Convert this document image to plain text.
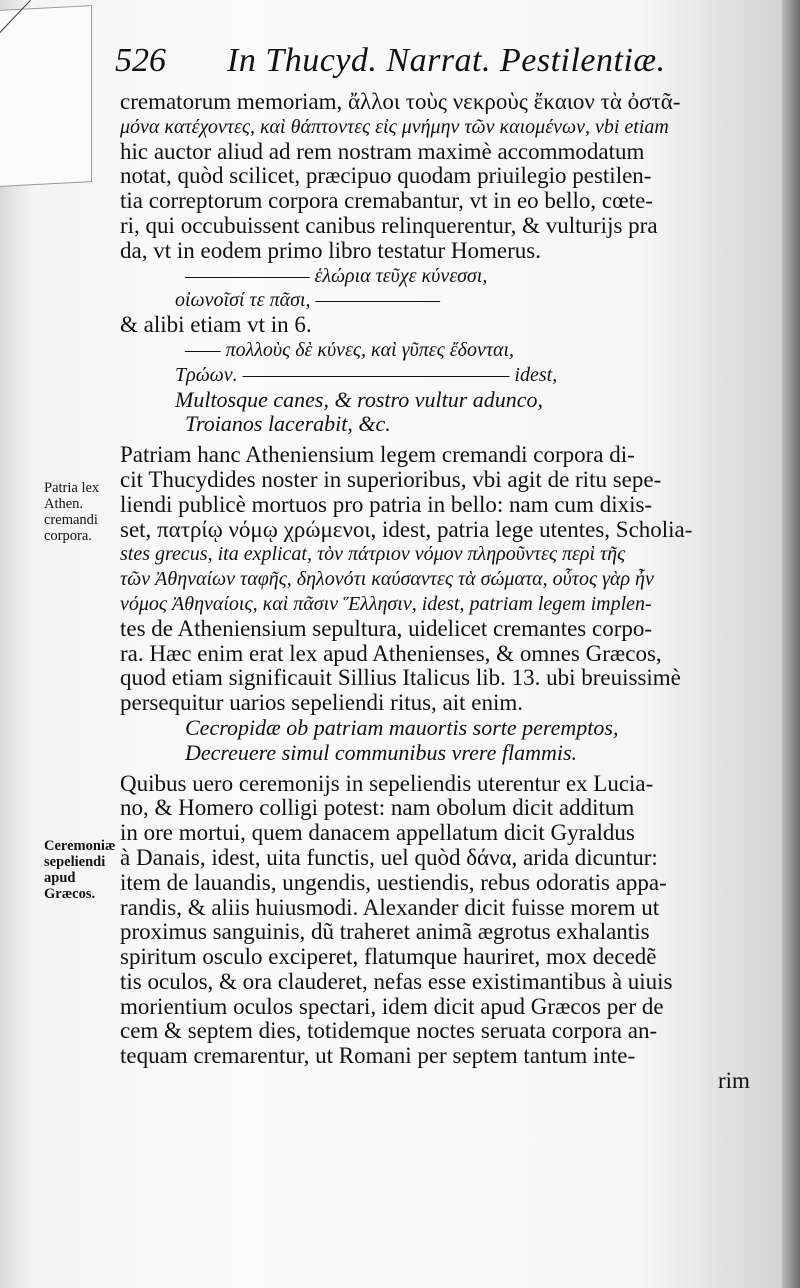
526 In Thucyd. Narrat. Pestilentiæ.
Patria lex Athen. cremandi corpora.
Ceremoniæ sepeliendi apud Græcos.
crematorum memoriam, ἄλλοι τοὺς νεκροὺς ἔκαιον τὰ ὀστᾶ-
μόνα κατέχοντες, καὶ θάπτοντες εἰς μνήμην τῶν καιομένων, vbi etiam
hic auctor aliud ad rem nostram maximè accommodatum
notat, quòd scilicet, præcipuo quodam priuilegio pestilen-
tia correptorum corpora cremabantur, vt in eo bello, cœte-
ri, qui occubuissent canibus relinquerentur, & vulturijs pra
da, vt in eodem primo libro testatur Homerus.
——————— ἑλώρια τεῦχε κύνεσσι,
οἰωνοῖσί τε πᾶσι, ———————
& alibi etiam vt in 6.
—— πολλοὺς δὲ κύνες, καὶ γῦπες ἔδονται,
Τρώων. ——————————————— idest,
Multosque canes, & rostro vultur adunco,
Troianos lacerabit, &c.
Patriam hanc Atheniensium legem cremandi corpora di-
cit Thucydides noster in superioribus, vbi agit de ritu sepe-
liendi publicè mortuos pro patria in bello: nam cum dixis-
set, πατρίῳ νόμῳ χρώμενοι, idest, patria lege utentes, Scholia-
stes grecus, ita explicat, τὸν πάτριον νόμον πληροῦντες περὶ τῆς
τῶν Ἀθηναίων ταφῆς, δηλονότι καύσαντες τὰ σώματα, οὗτος γὰρ ἦν
νόμος Ἀθηναίοις, καὶ πᾶσιν Ἕλλησιν, idest, patriam legem implen-
tes de Atheniensium sepultura, uidelicet cremantes corpo-
ra. Hæc enim erat lex apud Athenienses, & omnes Græcos,
quod etiam significauit Sillius Italicus lib. 13. ubi breuissimè
persequitur uarios sepeliendi ritus, ait enim.
Cecropidæ ob patriam mauortis sorte peremptos,
Decreuere simul communibus vrere flammis.
Quibus uero ceremonijs in sepeliendis uterentur ex Lucia-
no, & Homero colligi potest: nam obolum dicit additum
in ore mortui, quem danacem appellatum dicit Gyraldus
à Danais, idest, uita functis, uel quòd δάνα, arida dicuntur:
item de lauandis, ungendis, uestiendis, rebus odoratis appa-
randis, & aliis huiusmodi. Alexander dicit fuisse morem ut
proximus sanguinis, dũ traheret animã ægrotus exhalantis
spiritum osculo exciperet, flatumque hauriret, mox decedẽ
tis oculos, & ora clauderet, nefas esse existimantibus à uiuis
morientium oculos spectari, idem dicit apud Græcos per de
cem & septem dies, totidemque noctes seruata corpora an-
tequam cremarentur, ut Romani per septem tantum inte-
rim
